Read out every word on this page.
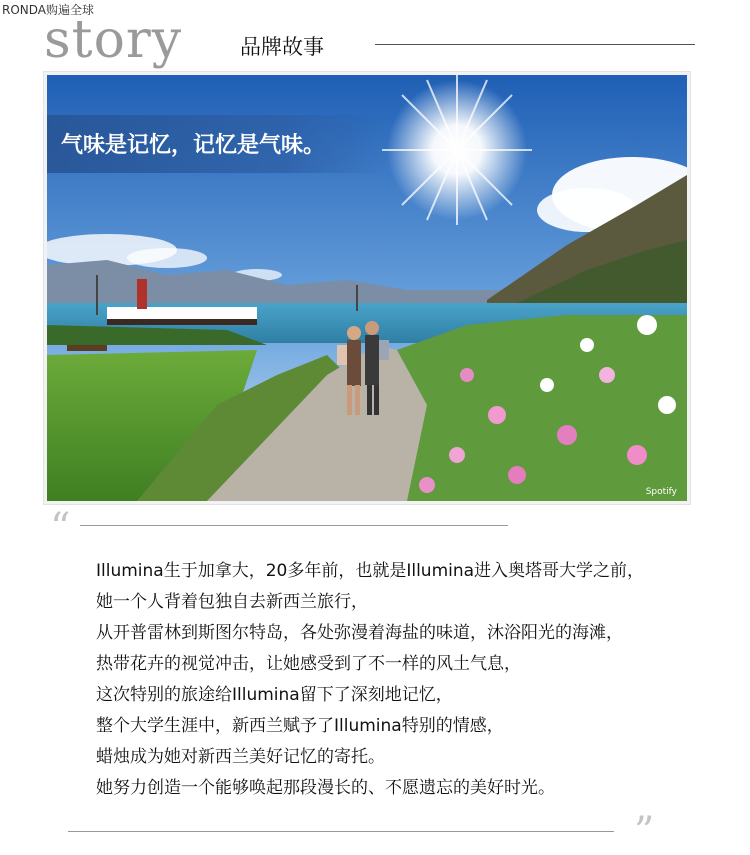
RONDA购遍全球
story	品牌故事
气味是记忆，记忆是气味。
Spotify
“
Illumina生于加拿大，20多年前，也就是Illumina进入奥塔哥大学之前，
她一个人背着包独自去新西兰旅行，
从开普雷林到斯图尔特岛，各处弥漫着海盐的味道，沐浴阳光的海滩，
热带花卉的视觉冲击，让她感受到了不一样的风土气息，
这次特别的旅途给Illumina留下了深刻地记忆，
整个大学生涯中，新西兰赋予了Illumina特别的情感，
蜡烛成为她对新西兰美好记忆的寄托。
她努力创造一个能够唤起那段漫长的、不愿遗忘的美好时光。
”
